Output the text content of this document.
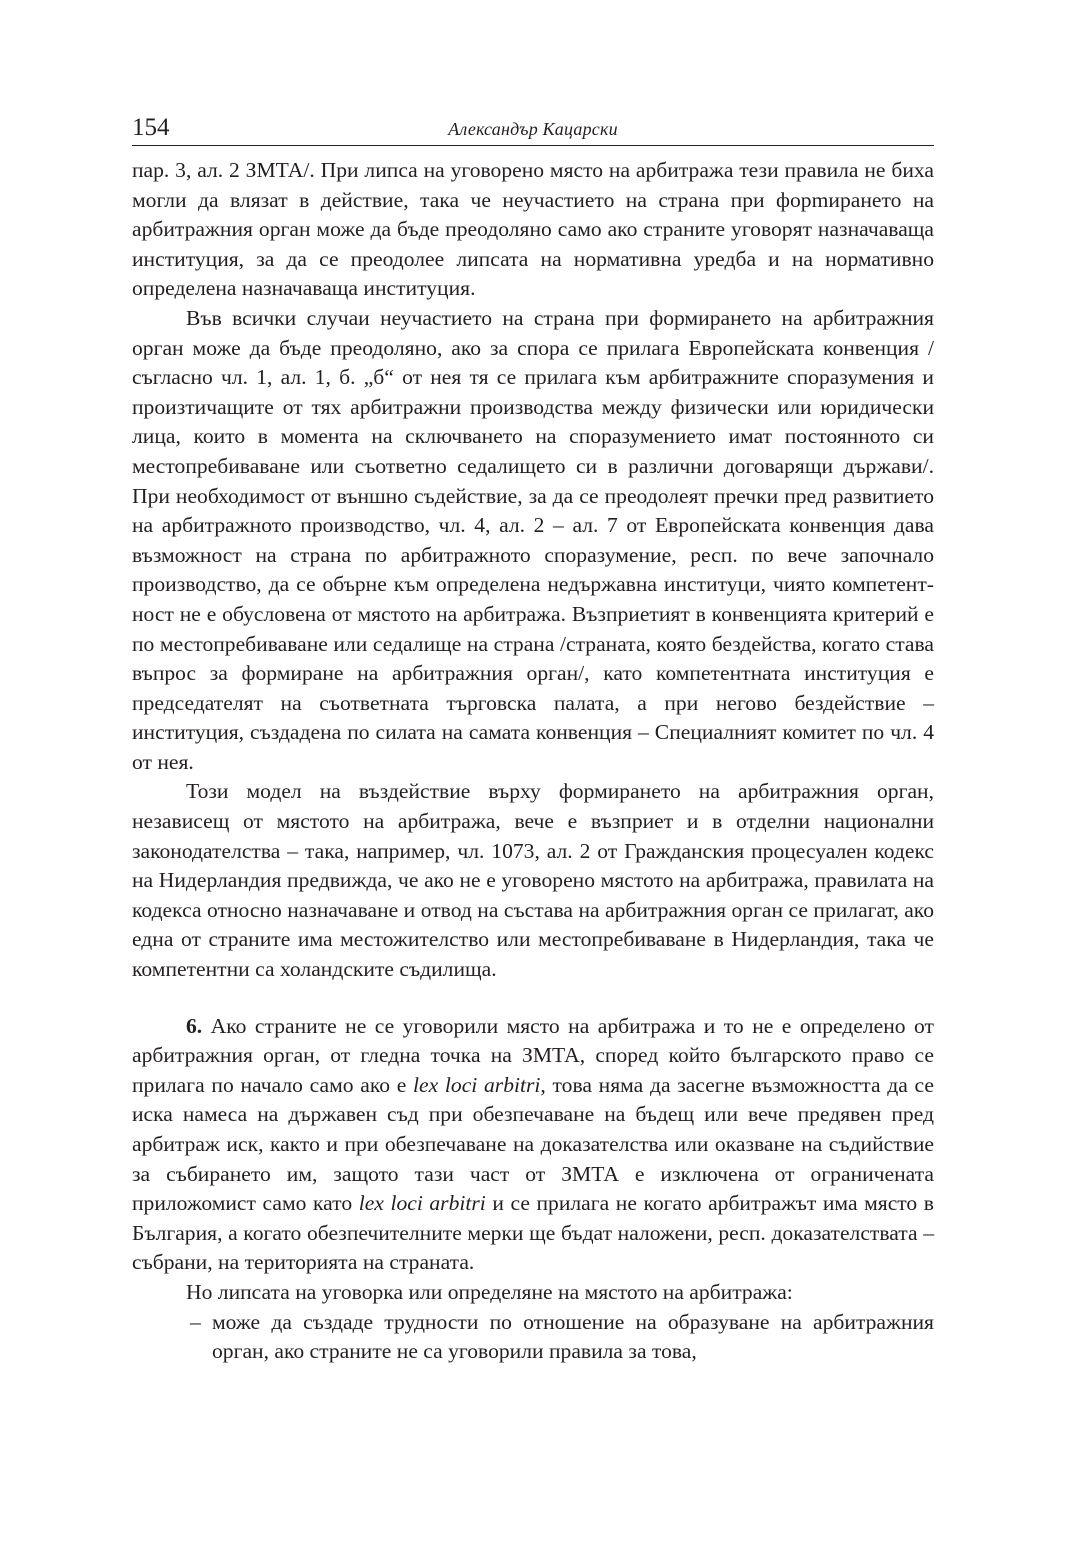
154	Александър Кацарски

пар. 3, ал. 2 ЗМТА/. При липса на уговорено място на арбитража тези правила не биха могли да влязат в действие, така че неучастието на страна при форmирането на арбитражния орган може да бъде преодоляно само ако страните уговорят назначаваща институция, за да се преодолее липсата на нормативна уредба и на нормативно определена назначаваща институция.

Във всички случаи неучастието на страна при формирането на арбитражния орган може да бъде преодоляно, ако за спора се прилага Европейската конвенция /съгласно чл. 1, ал. 1, б. „б“ от нея тя се прилага към арбитражните споразумения и произтичащите от тях арбитражни производства между физически или юридически лица, които в момента на сключването на споразумението имат постоянното си местопребиваване или съответно седалището си в различни договарящи държави/. При необходимост от външно съдействие, за да се преодолеят пречки пред развитието на арбитражното производство, чл. 4, ал. 2 – ал. 7 от Европейската конвенция дава възможност на страна по арбитражното споразумение, респ. по вече започнало производство, да се обърне към определена недържавна институци, чиято компетентност не е обусловена от мястото на арбитража. Възприетият в конвенцията критерий е по местопребиваване или седалище на страна /страната, която бездейства, когато става въпрос за формиране на арбитражния орган/, като компетентната институция е председателят на съответната търговска палата, а при негово бездействие – институция, създадена по силата на самата конвенция – Специалният комитет по чл. 4 от нея.

Този модел на въздействие върху формирането на арбитражния орган, независещ от мястото на арбитража, вече е възприет и в отделни национални законодателства – така, например, чл. 1073, ал. 2 от Гражданския процесуален кодекс на Нидерландия предвижда, че ако не е уговорено мястото на арбитража, правилата на кодекса относно назначаване и отвод на състава на арбитражния орган се прилагат, ако една от страните има местожителство или местопребиваване в Нидерландия, така че компетентни са холандските съдилища.

6. Ако страните не се уговорили място на арбитража и то не е определено от арбитражния орган, от гледна точка на ЗМТА, според който българското право се прилага по начало само ако е lex loci arbitri, това няма да засегне възможността да се иска намеса на държавен съд при обезпечаване на бъдещ или вече предявен пред арбитраж иск, както и при обезпечаване на доказателства или оказване на съдийствие за събирането им, защото тази част от ЗМТА е изключена от ограничената приложомист само като lex loci arbitri и се прилага не когато арбитражът има място в България, а когато обезпечителните мерки ще бъдат наложени, респ. доказателствата – събрани, на територията на страната.

Но липсата на уговорка или определяне на мястото на арбитража:

– може да създаде трудности по отношение на образуване на арбитражния орган, ако страните не са уговорили правила за това,
